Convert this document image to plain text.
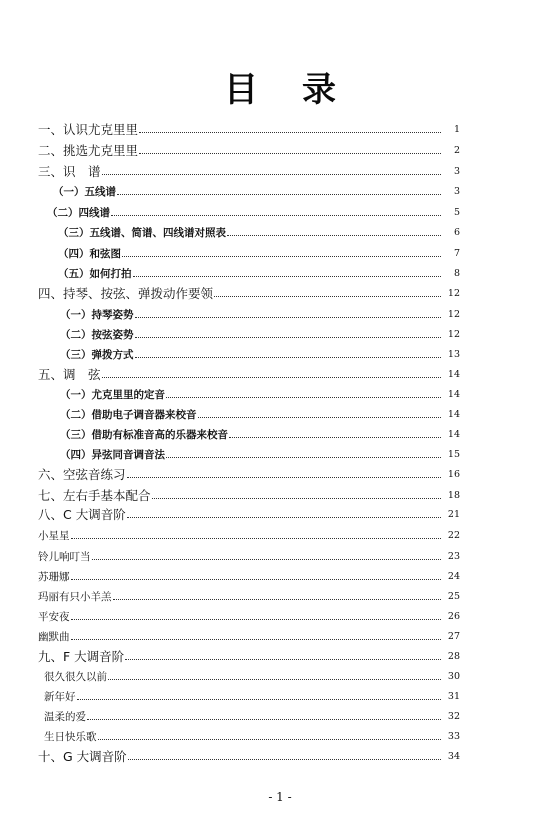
目录
一、认识尤克里里	1
二、挑选尤克里里	2
三、识　谱	3
（一）五线谱	3
（二）四线谱	5
（三）五线谱、简谱、四线谱对照表	6
（四）和弦图	7
（五）如何打拍	8
四、持琴、按弦、弹拨动作要领	12
（一）持琴姿势	12
（二）按弦姿势	12
（三）弹拨方式	13
五、调　弦	14
（一）尤克里里的定音	14
（二）借助电子调音器来校音	14
（三）借助有标准音高的乐器来校音	14
（四）异弦同音调音法	15
六、空弦音练习	16
七、左右手基本配合	18
八、C 大调音阶	21
小星星	22
铃儿响叮当	23
苏珊娜	24
玛丽有只小羊羔	25
平安夜	26
幽默曲	27
九、F 大调音阶	28
很久很久以前	30
新年好	31
温柔的爱	32
生日快乐歌	33
十、G 大调音阶	34
- 1 -
